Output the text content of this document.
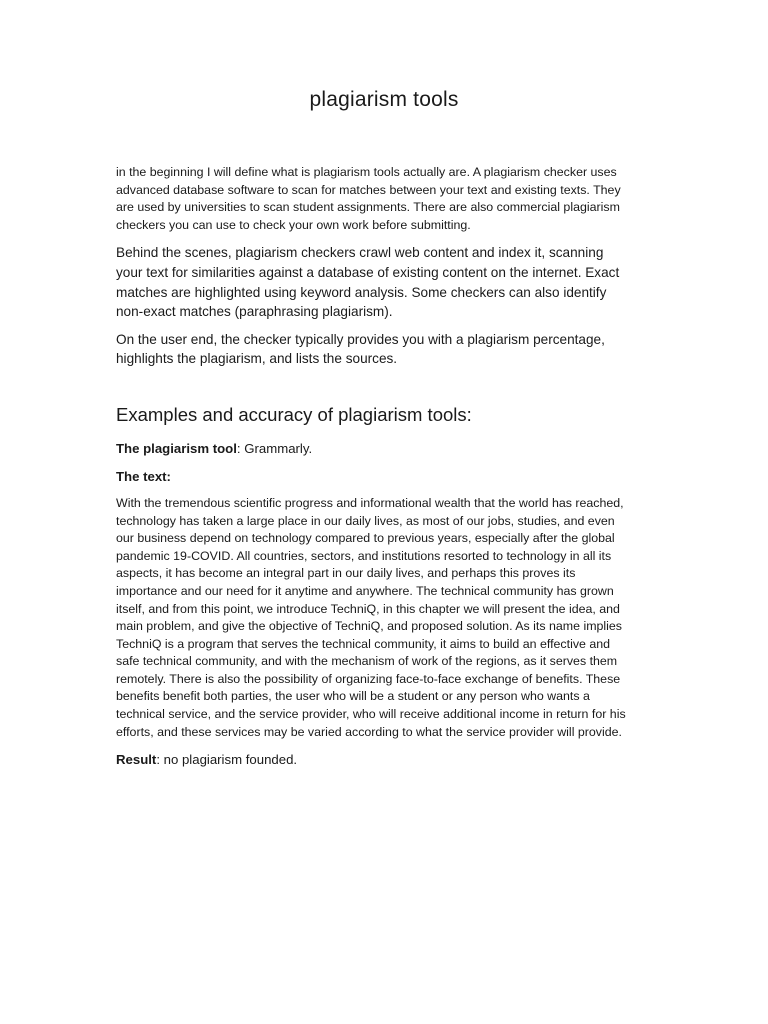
plagiarism tools

in the beginning I will define what is plagiarism tools actually are. A plagiarism checker uses advanced database software to scan for matches between your text and existing texts. They are used by universities to scan student assignments. There are also commercial plagiarism checkers you can use to check your own work before submitting.

Behind the scenes, plagiarism checkers crawl web content and index it, scanning your text for similarities against a database of existing content on the internet. Exact matches are highlighted using keyword analysis. Some checkers can also identify non-exact matches (paraphrasing plagiarism).

On the user end, the checker typically provides you with a plagiarism percentage, highlights the plagiarism, and lists the sources.

Examples and accuracy of plagiarism tools:

The plagiarism tool: Grammarly.

The text:

With the tremendous scientific progress and informational wealth that the world has reached, technology has taken a large place in our daily lives, as most of our jobs, studies, and even our business depend on technology compared to previous years, especially after the global pandemic 19-COVID. All countries, sectors, and institutions resorted to technology in all its aspects, it has become an integral part in our daily lives, and perhaps this proves its importance and our need for it anytime and anywhere. The technical community has grown itself, and from this point, we introduce TechniQ, in this chapter we will present the idea, and main problem, and give the objective of TechniQ, and proposed solution. As its name implies TechniQ is a program that serves the technical community, it aims to build an effective and safe technical community, and with the mechanism of work of the regions, as it serves them remotely. There is also the possibility of organizing face-to-face exchange of benefits. These benefits benefit both parties, the user who will be a student or any person who wants a technical service, and the service provider, who will receive additional income in return for his efforts, and these services may be varied according to what the service provider will provide.

Result: no plagiarism founded.
